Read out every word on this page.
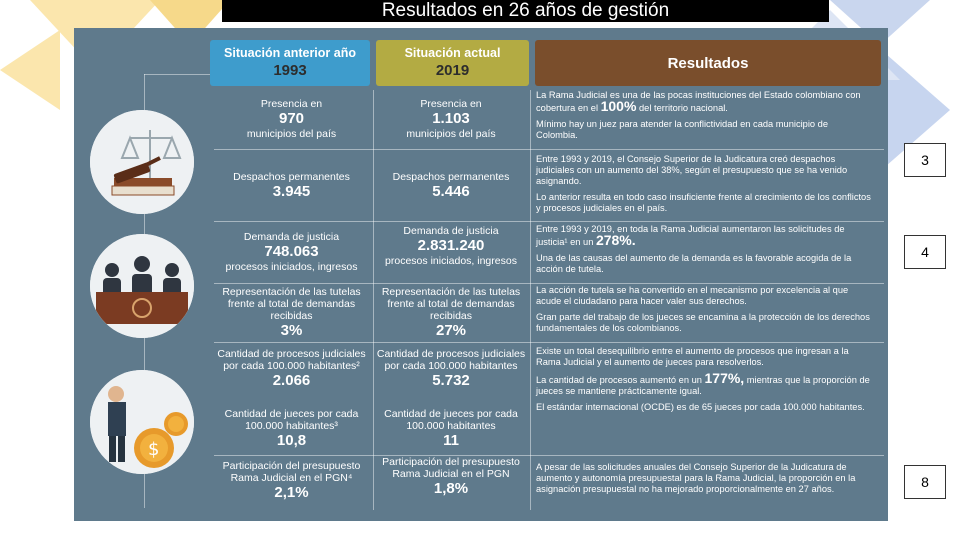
Resultados en 26 años de gestión
$
Situación anterior año
1993
Situación actual
2019	Resultados
Presencia en
970
municipios del país
Presencia en
1.103
municipios del país
Despachos permanentes
3.945
Despachos permanentes
5.446
Demanda de justicia
748.063
procesos iniciados, ingresos
Demanda de justicia
2.831.240
procesos iniciados, ingresos
Representación de las tutelas frente al total de demandas recibidas
3%
Representación de las tutelas frente al total de demandas recibidas
27%
Cantidad de procesos judiciales por cada 100.000 habitantes²
2.066
Cantidad de procesos judiciales por cada 100.000 habitantes
5.732
Cantidad de jueces por cada 100.000 habitantes³
10,8
Cantidad de jueces por cada 100.000 habitantes
11
Participación del presupuesto Rama Judicial en el PGN⁴
2,1%
Participación del presupuesto Rama Judicial en el PGN
1,8%

La Rama Judicial es una de las pocas instituciones del Estado colombiano con cobertura en el 100% del territorio nacional.

Mínimo hay un juez para atender la conflictividad en cada municipio de Colombia.

Entre 1993 y 2019, el Consejo Superior de la Judicatura creó despachos judiciales con un aumento del 38%, según el presupuesto que se ha venido asignando.

Lo anterior resulta en todo caso insuficiente frente al crecimiento de los conflictos y procesos judiciales en el país.

Entre 1993 y 2019, en toda la Rama Judicial aumentaron las solicitudes de justicia¹ en un 278%.

Una de las causas del aumento de la demanda es la favorable acogida de la acción de tutela.

La acción de tutela se ha convertido en el mecanismo por excelencia al que acude el ciudadano para hacer valer sus derechos.

Gran parte del trabajo de los jueces se encamina a la protección de los derechos fundamentales de los colombianos.

Existe un total desequilibrio entre el aumento de procesos que ingresan a la Rama Judicial y el aumento de jueces para resolverlos.

La cantidad de procesos aumentó en un 177%, mientras que la proporción de jueces se mantiene prácticamente igual.

El estándar internacional (OCDE) es de 65 jueces por cada 100.000 habitantes.

A pesar de las solicitudes anuales del Consejo Superior de la Judicatura de aumento y autonomía presupuestal para la Rama Judicial, la proporción en la asignación presupuestal no ha mejorado proporcionalmente en 27 años.

3
4
8
